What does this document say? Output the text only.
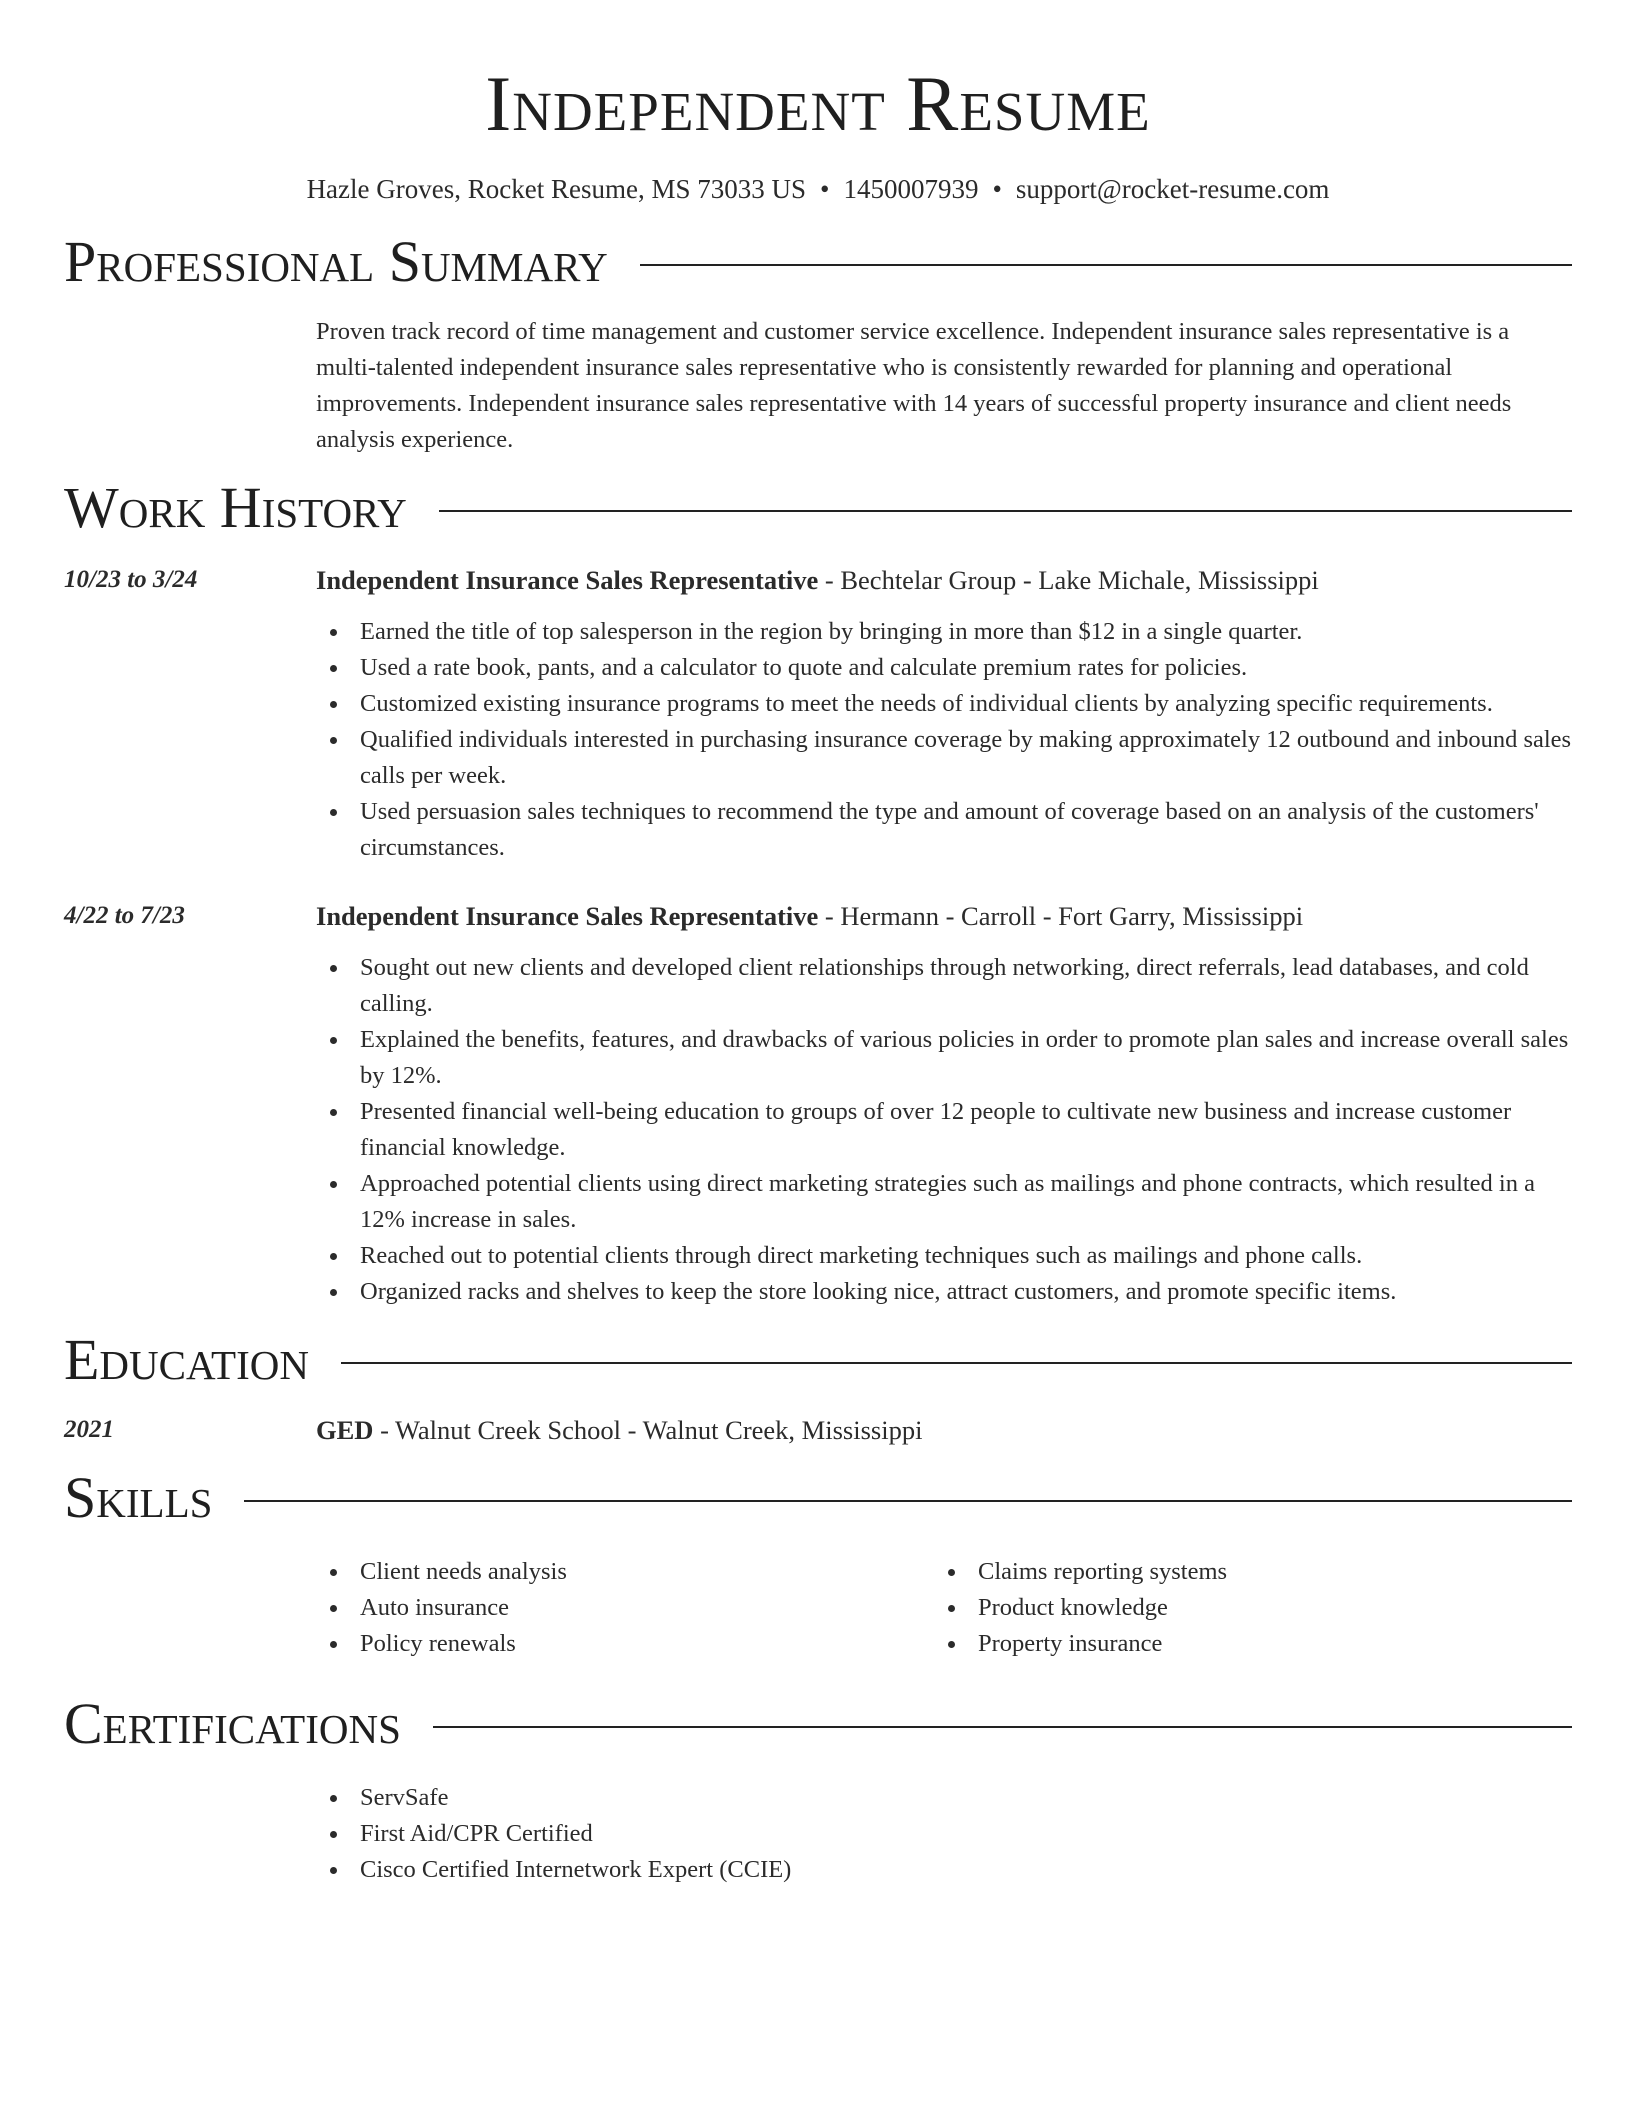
Independent Resume
Hazle Groves, Rocket Resume, MS 73033 US • 1450007939 • support@rocket-resume.com
Professional Summary
Proven track record of time management and customer service excellence. Independent insurance sales representative is a multi-talented independent insurance sales representative who is consistently rewarded for planning and operational improvements. Independent insurance sales representative with 14 years of successful property insurance and client needs analysis experience.
Work History
10/23 to 3/24	Independent Insurance Sales Representative - Bechtelar Group - Lake Michale, Mississippi
Earned the title of top salesperson in the region by bringing in more than $12 in a single quarter.
Used a rate book, pants, and a calculator to quote and calculate premium rates for policies.
Customized existing insurance programs to meet the needs of individual clients by analyzing specific requirements.
Qualified individuals interested in purchasing insurance coverage by making approximately 12 outbound and inbound sales calls per week.
Used persuasion sales techniques to recommend the type and amount of coverage based on an analysis of the customers' circumstances.
4/22 to 7/23	Independent Insurance Sales Representative - Hermann - Carroll - Fort Garry, Mississippi
Sought out new clients and developed client relationships through networking, direct referrals, lead databases, and cold calling.
Explained the benefits, features, and drawbacks of various policies in order to promote plan sales and increase overall sales by 12%.
Presented financial well-being education to groups of over 12 people to cultivate new business and increase customer financial knowledge.
Approached potential clients using direct marketing strategies such as mailings and phone contracts, which resulted in a 12% increase in sales.
Reached out to potential clients through direct marketing techniques such as mailings and phone calls.
Organized racks and shelves to keep the store looking nice, attract customers, and promote specific items.
Education
2021	GED - Walnut Creek School - Walnut Creek, Mississippi
Skills
Client needs analysis
Auto insurance
Policy renewals
Claims reporting systems
Product knowledge
Property insurance
Certifications
ServSafe
First Aid/CPR Certified
Cisco Certified Internetwork Expert (CCIE)
